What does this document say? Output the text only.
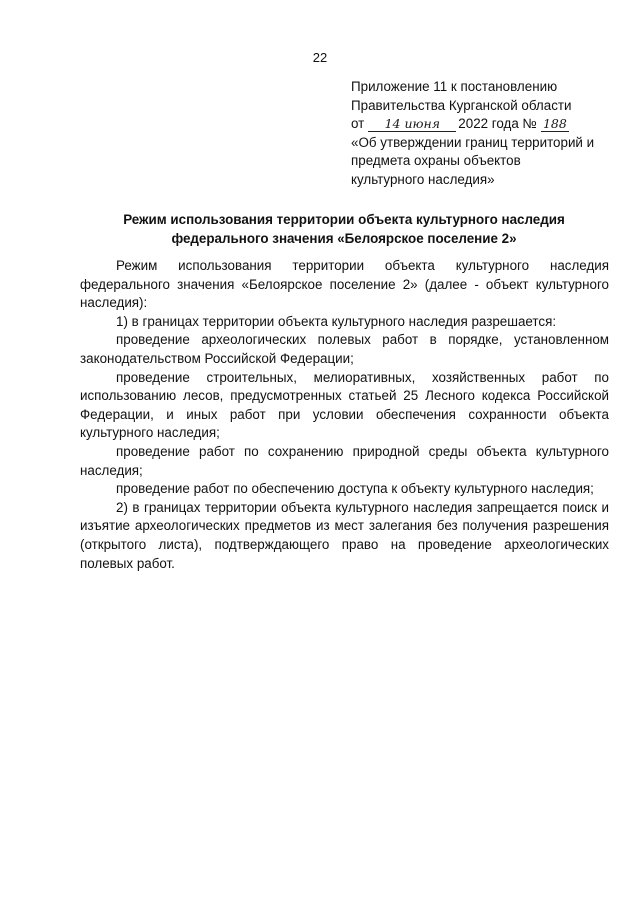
22
Приложение 11 к постановлению
Правительства Курганской области
от 14 июня 2022 года № 188
«Об утверждении границ территорий и
предмета охраны объектов
культурного наследия»
Режим использования территории объекта культурного наследия
федерального значения «Белоярское поселение 2»

Режим использования территории объекта культурного наследия федерального значения «Белоярское поселение 2» (далее - объект культурного наследия):

1) в границах территории объекта культурного наследия разрешается:

проведение археологических полевых работ в порядке, установленном законодательством Российской Федерации;

проведение строительных, мелиоративных, хозяйственных работ по использованию лесов, предусмотренных статьей 25 Лесного кодекса Российской Федерации, и иных работ при условии обеспечения сохранности объекта культурного наследия;

проведение работ по сохранению природной среды объекта культурного наследия;

проведение работ по обеспечению доступа к объекту культурного наследия;

2) в границах территории объекта культурного наследия запрещается поиск и изъятие археологических предметов из мест залегания без получения разрешения (открытого листа), подтверждающего право на проведение археологических полевых работ.
